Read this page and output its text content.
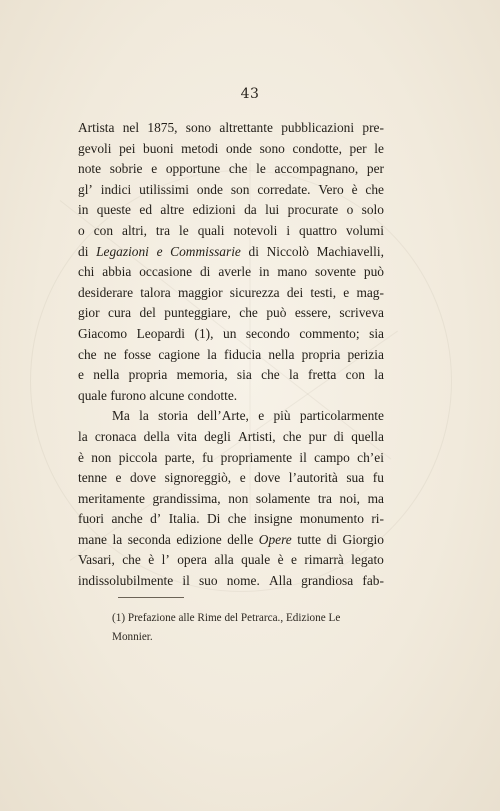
43
Artista nel 1875, sono altrettante pubblicazioni pre-
gevoli pei buoni metodi onde sono condotte, per le
note sobrie e opportune che le accompagnano, per
gl’ indici utilissimi onde son corredate. Vero è che
in queste ed altre edizioni da lui procurate o solo
o con altri, tra le quali notevoli i quattro volumi
di Legazioni e Commissarie di Niccolò Machiavelli,
chi abbia occasione di averle in mano sovente può
desiderare talora maggior sicurezza dei testi, e mag-
gior cura del punteggiare, che può essere, scriveva
Giacomo Leopardi (1), un secondo commento; sia
che ne fosse cagione la fiducia nella propria perizia
e nella propria memoria, sia che la fretta con la
quale furono alcune condotte.
Ma la storia dell’Arte, e più particolarmente
la cronaca della vita degli Artisti, che pur di quella
è non piccola parte, fu propriamente il campo ch’ei
tenne e dove signoreggiò, e dove l’autorità sua fu
meritamente grandissima, non solamente tra noi, ma
fuori anche d’ Italia. Di che insigne monumento ri-
mane la seconda edizione delle Opere tutte di Giorgio
Vasari, che è l’ opera alla quale è e rimarrà legato
indissolubilmente il suo nome. Alla grandiosa fab-
(1) Prefazione alle Rime del Petrarca., Edizione Le
Monnier.
